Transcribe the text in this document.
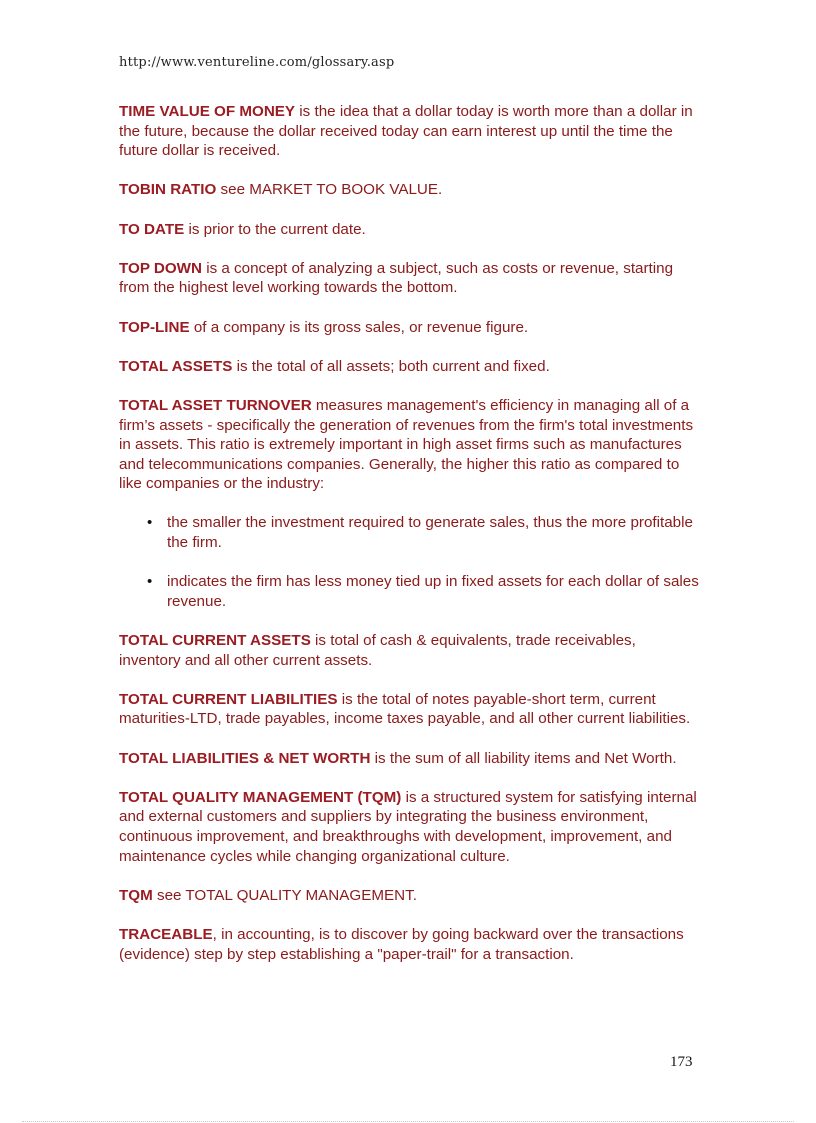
http://www.ventureline.com/glossary.asp

TIME VALUE OF MONEY is the idea that a dollar today is worth more than a dollar in the future, because the dollar received today can earn interest up until the time the future dollar is received.

TOBIN RATIO see MARKET TO BOOK VALUE.

TO DATE is prior to the current date.

TOP DOWN is a concept of analyzing a subject, such as costs or revenue, starting from the highest level working towards the bottom.

TOP-LINE of a company is its gross sales, or revenue figure.

TOTAL ASSETS is the total of all assets; both current and fixed.

TOTAL ASSET TURNOVER measures management's efficiency in managing all of a firm’s assets - specifically the generation of revenues from the firm's total investments in assets. This ratio is extremely important in high asset firms such as manufactures and telecommunications companies. Generally, the higher this ratio as compared to like companies or the industry:

• the smaller the investment required to generate sales, thus the more profitable the firm.
• indicates the firm has less money tied up in fixed assets for each dollar of sales revenue.

TOTAL CURRENT ASSETS is total of cash & equivalents, trade receivables, inventory and all other current assets.

TOTAL CURRENT LIABILITIES is the total of notes payable-short term, current maturities-LTD, trade payables, income taxes payable, and all other current liabilities.

TOTAL LIABILITIES & NET WORTH is the sum of all liability items and Net Worth.

TOTAL QUALITY MANAGEMENT (TQM) is a structured system for satisfying internal and external customers and suppliers by integrating the business environment, continuous improvement, and breakthroughs with development, improvement, and maintenance cycles while changing organizational culture.

TQM see TOTAL QUALITY MANAGEMENT.

TRACEABLE, in accounting, is to discover by going backward over the transactions (evidence) step by step establishing a "paper-trail" for a transaction.

173
